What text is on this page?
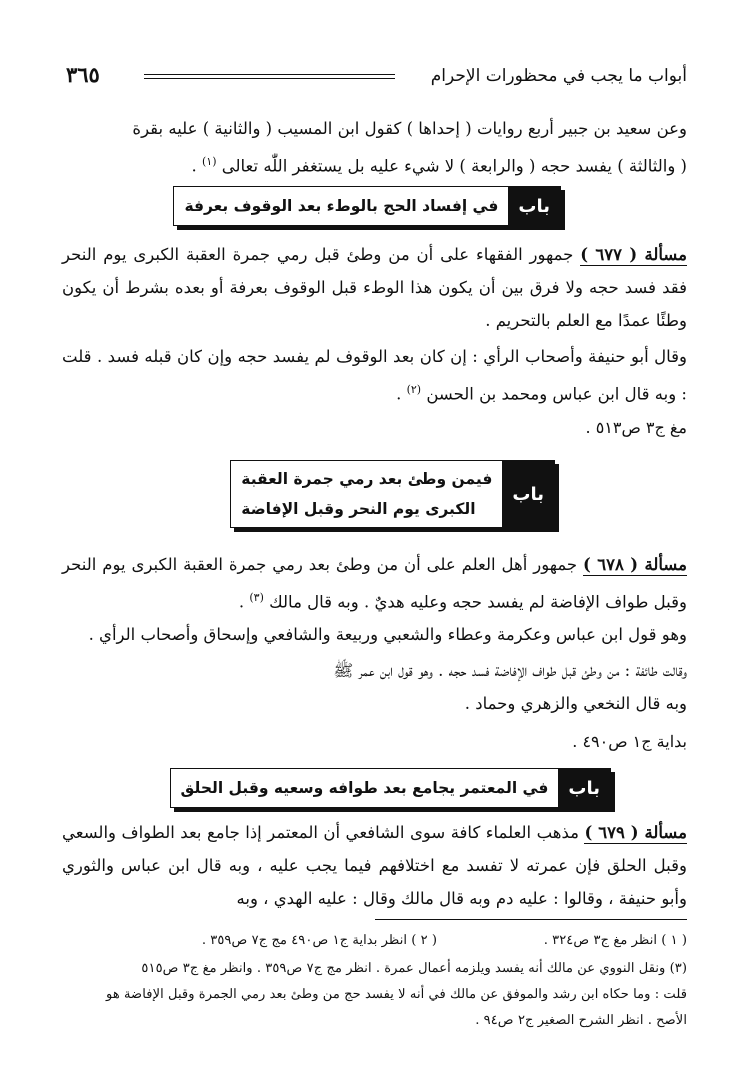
أبواب ما يجب في محظورات الإحرام
٣٦٥

وعن سعيد بن جبير أربع روايات ( إحداها ) كقول ابن المسيب ( والثانية ) عليه بقرة

( والثالثة ) يفسد حجه ( والرابعة ) لا شيء عليه بل يستغفر اللّٰه تعالى $^{(١)}$ .

باب
في إفساد الحج بالوطء بعد الوقوف بعرفة

مسألة ( ٦٧٧ ) جمهور الفقهاء على أن من وطئ قبل رمي جمرة العقبة الكبرى يوم النحر فقد فسد حجه ولا فرق بين أن يكون هذا الوطء قبل الوقوف بعرفة أو بعده بشرط أن يكون وطئًا عمدًا مع العلم بالتحريم .

وقال أبو حنيفة وأصحاب الرأي : إن كان بعد الوقوف لم يفسد حجه وإن كان قبله فسد . قلت : وبه قال ابن عباس ومحمد بن الحسن $^{(٢)}$ .

مغ ج٣ ص٥١٣ .
باب
فيمن وطئ بعد رمي جمرة العقبة
الكبرى يوم النحر وقبل الإفاضة

مسألة ( ٦٧٨ ) جمهور أهل العلم على أن من وطئ بعد رمي جمرة العقبة الكبرى يوم النحر وقبل طواف الإفاضة لم يفسد حجه وعليه هديٌ . وبه قال مالك $^{(٣)}$ .

وهو قول ابن عباس وعكرمة وعطاء والشعبي وربيعة والشافعي وإسحاق وأصحاب الرأي .

وقالت طائفة : من وطئ قبل طواف الإفاضة فسد حجه . وهو قول ابن عمر ﷺ

وبه قال النخعي والزهري وحماد .

بداية ج١ ص٤٩٠ .
باب
في المعتمر يجامع بعد طوافه وسعيه وقبل الحلق

مسألة ( ٦٧٩ ) مذهب العلماء كافة سوى الشافعي أن المعتمر إذا جامع بعد الطواف والسعي وقبل الحلق فإن عمرته لا تفسد مع اختلافهم فيما يجب عليه ، وبه قال ابن عباس والثوري وأبو حنيفة ، وقالوا : عليه دم وبه قال مالك وقال : عليه الهدي ، وبه

( ١ ) انظر مغ ج٣ ص٣٢٤ .
( ٢ ) انظر بداية ج١ ص٤٩٠ مج ج٧ ص٣٥٩ .
(٣) ونقل النووي عن مالك أنه يفسد ويلزمه أعمال عمرة . انظر مج ج٧ ص٣٥٩ . وانظر مغ ج٣ ص٥١٥
قلت : وما حكاه ابن رشد والموفق عن مالك في أنه لا يفسد حج من وطئ بعد رمي الجمرة وقبل الإفاضة هو
الأصح . انظر الشرح الصغير ج٢ ص٩٤ .
